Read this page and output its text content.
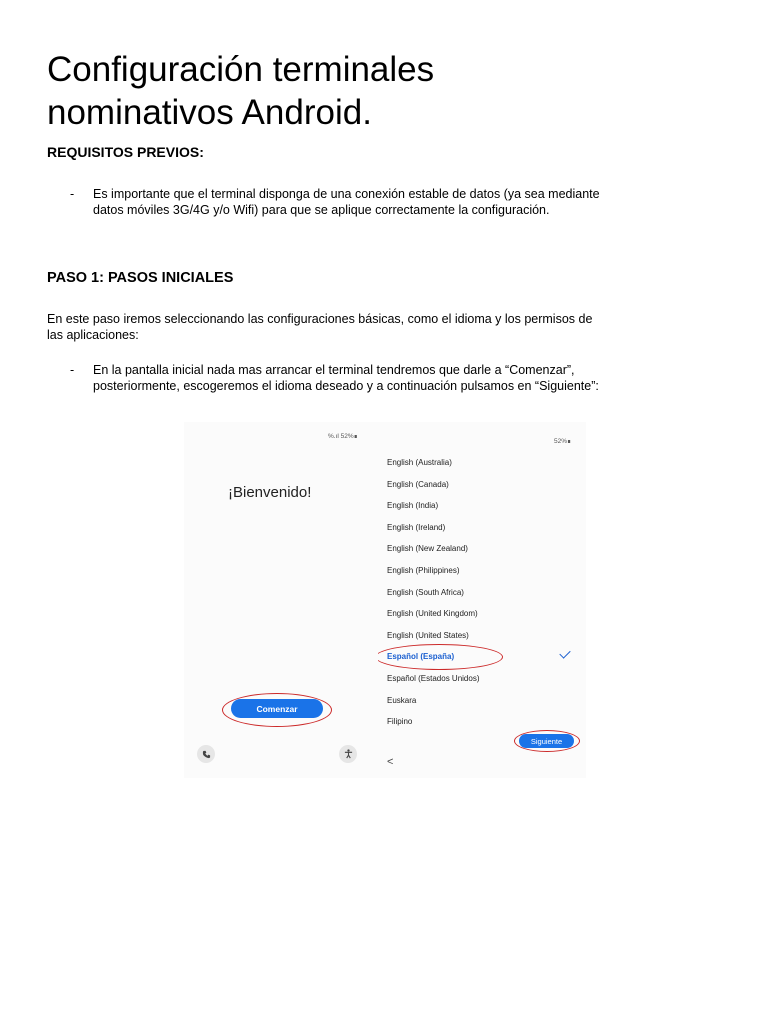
Configuración terminales nominativos Android.
REQUISITOS PREVIOS:
-	Es importante que el terminal disponga de una conexión estable de datos (ya sea mediante datos móviles 3G/4G y/o Wifi) para que se aplique correctamente la configuración.
PASO 1: PASOS INICIALES

En este paso iremos seleccionando las configuraciones básicas, como el idioma y los permisos de las aplicaciones:

-	En la pantalla inicial nada mas arrancar el terminal tendremos que darle a “Comenzar”, posteriormente, escogeremos el idioma deseado y a continuación pulsamos en “Siguiente”:
%.ıl 52%∎
¡Bienvenido!
Comenzar
52%∎
English (Australia)
English (Canada)
English (India)
English (Ireland)
English (New Zealand)
English (Philippines)
English (South Africa)
English (United Kingdom)
English (United States)
Español (España)
Español (Estados Unidos)
Euskara
Filipino
Siguiente
<
